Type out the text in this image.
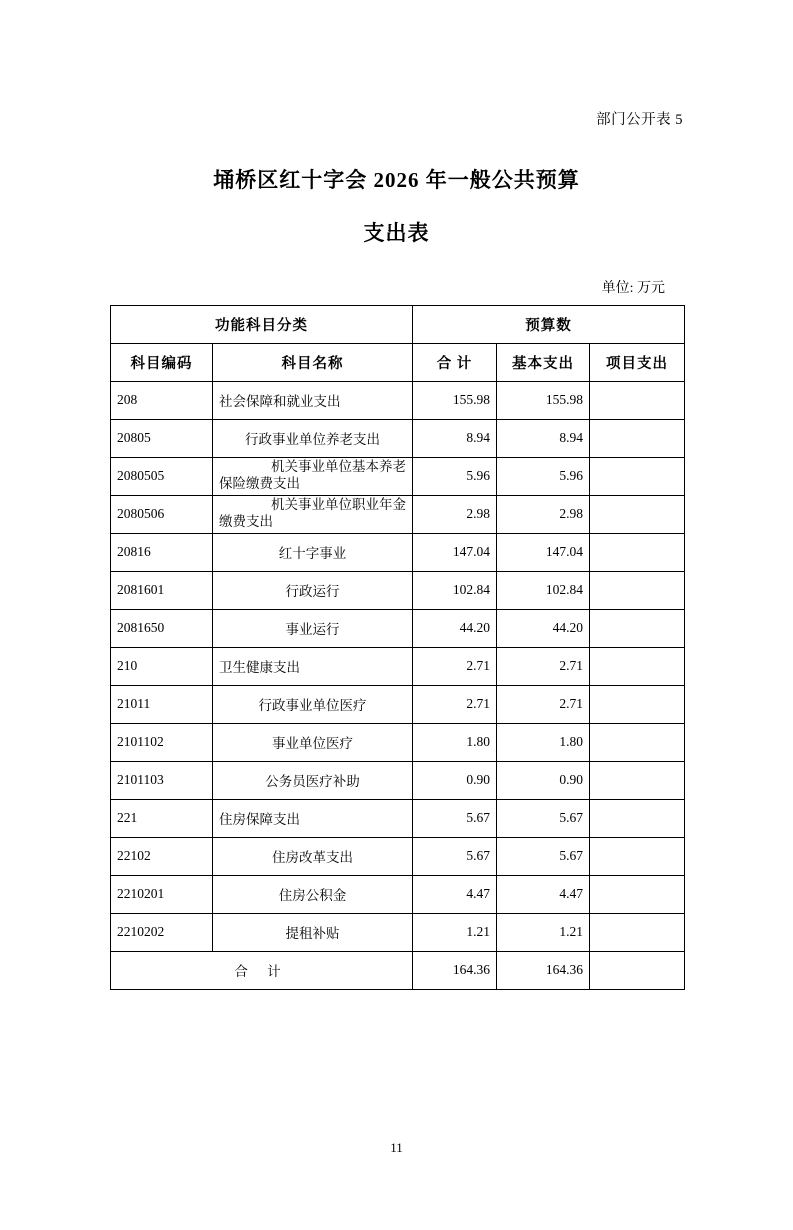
部门公开表 5
埇桥区红十字会 2026 年一般公共预算
支出表
单位: 万元
功能科目分类		预算数		
科目编码	科目名称	合 计	基本支出	项目支出
208	社会保障和就业支出	155.98	155.98	
20805	行政事业单位养老支出	8.94	8.94	
2080505	机关事业单位基本养老保险缴费支出	5.96	5.96	
2080506	机关事业单位职业年金缴费支出	2.98	2.98	
20816	红十字事业	147.04	147.04	
2081601	行政运行	102.84	102.84	
2081650	事业运行	44.20	44.20	
210	卫生健康支出	2.71	2.71	
21011	行政事业单位医疗	2.71	2.71	
2101102	事业单位医疗	1.80	1.80	
2101103	公务员医疗补助	0.90	0.90	
221	住房保障支出	5.67	5.67	
22102	住房改革支出	5.67	5.67	
2210201	住房公积金	4.47	4.47	
2210202	提租补贴	1.21	1.21	
合 计		164.36	164.36	
11
